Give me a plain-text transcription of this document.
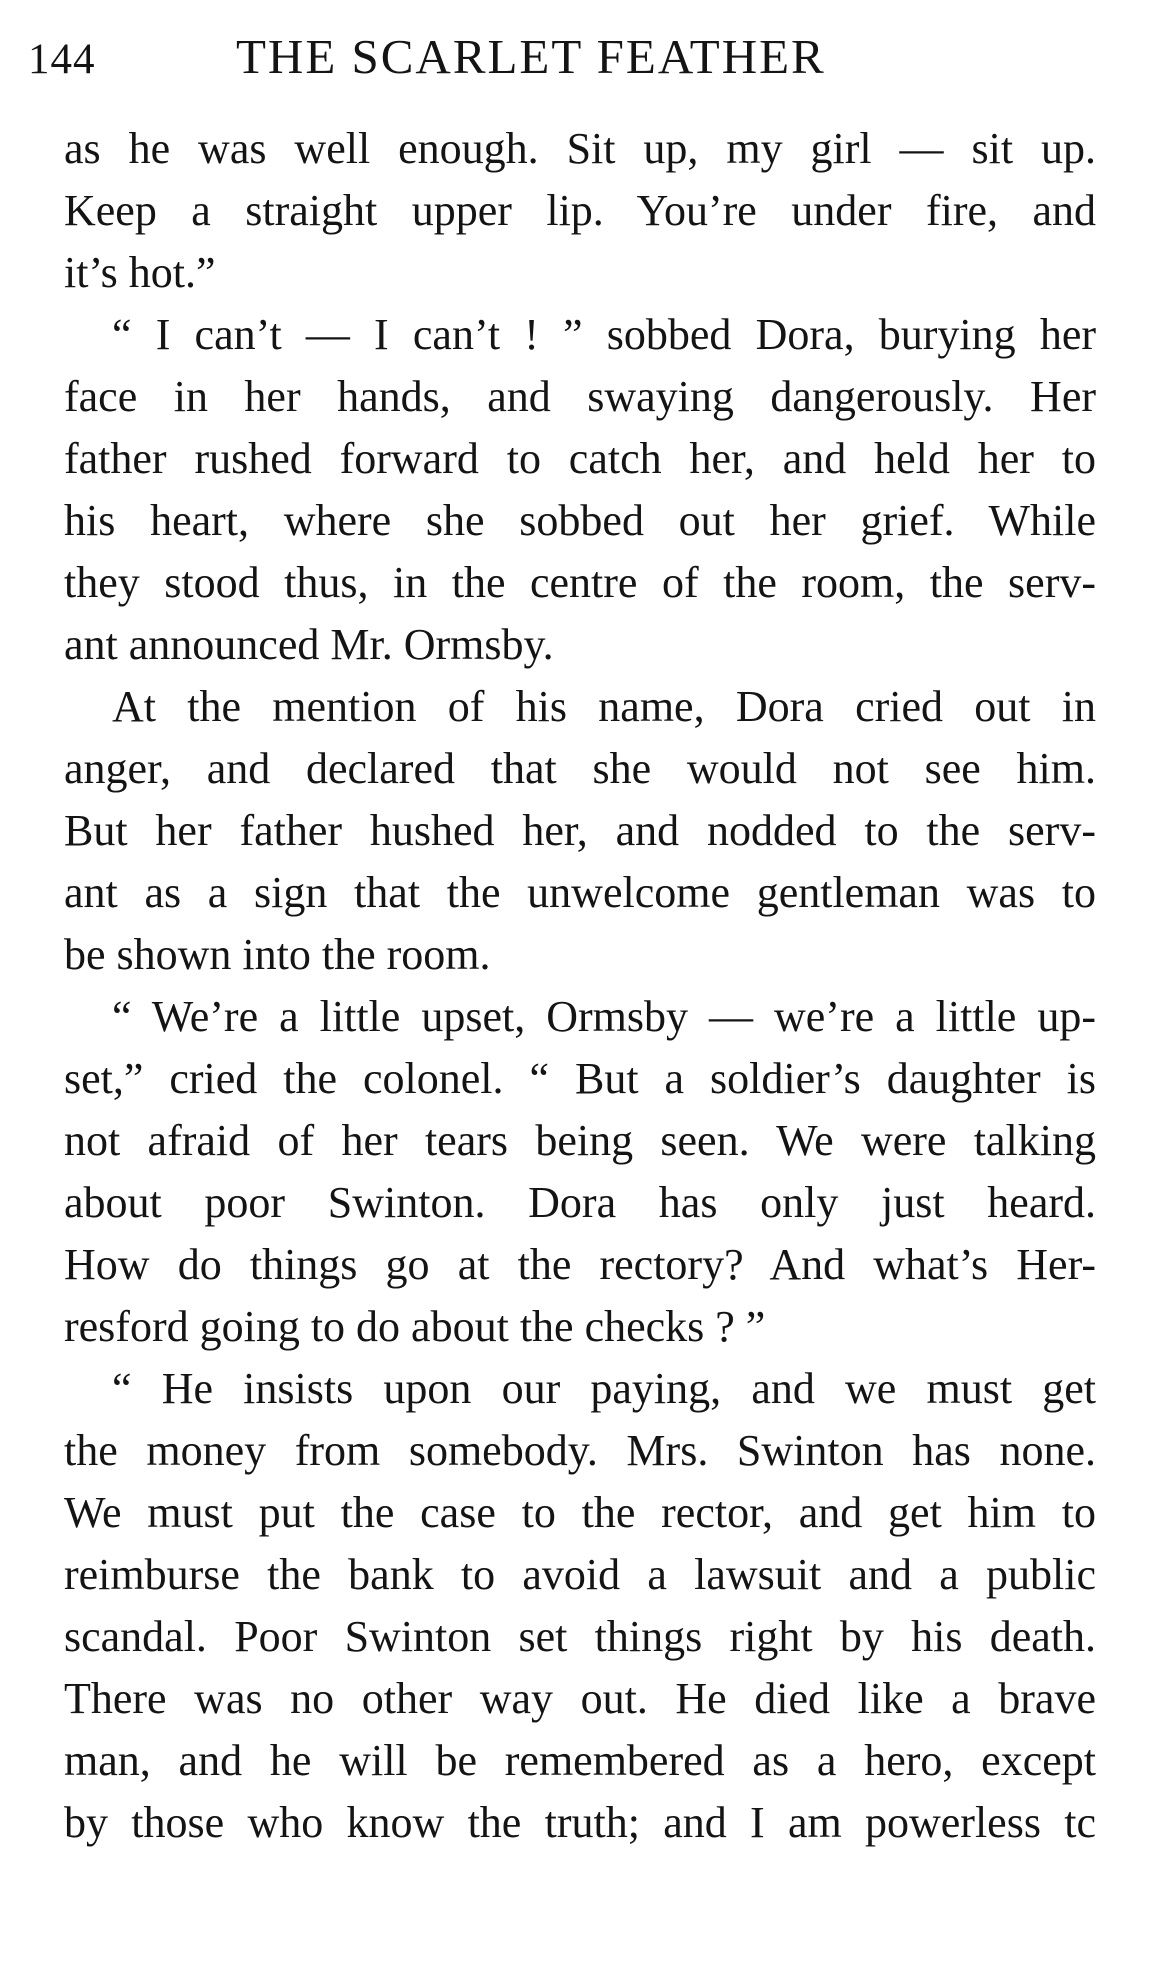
144	THE SCARLET FEATHER
as he was well enough. Sit up, my girl — sit up.
Keep a straight upper lip. You’re under fire, and
it’s hot.”
“ I can’t — I can’t ! ” sobbed Dora, burying her
face in her hands, and swaying dangerously. Her
father rushed forward to catch her, and held her to
his heart, where she sobbed out her grief. While
they stood thus, in the centre of the room, the serv-
ant announced Mr. Ormsby.
At the mention of his name, Dora cried out in
anger, and declared that she would not see him.
But her father hushed her, and nodded to the serv-
ant as a sign that the unwelcome gentleman was to
be shown into the room.
“ We’re a little upset, Ormsby — we’re a little up-
set,” cried the colonel. “ But a soldier’s daughter is
not afraid of her tears being seen. We were talking
about poor Swinton. Dora has only just heard.
How do things go at the rectory? And what’s Her-
resford going to do about the checks ? ”
“ He insists upon our paying, and we must get
the money from somebody. Mrs. Swinton has none.
We must put the case to the rector, and get him to
reimburse the bank to avoid a lawsuit and a public
scandal. Poor Swinton set things right by his death.
There was no other way out. He died like a brave
man, and he will be remembered as a hero, except
by those who know the truth; and I am powerless tc
